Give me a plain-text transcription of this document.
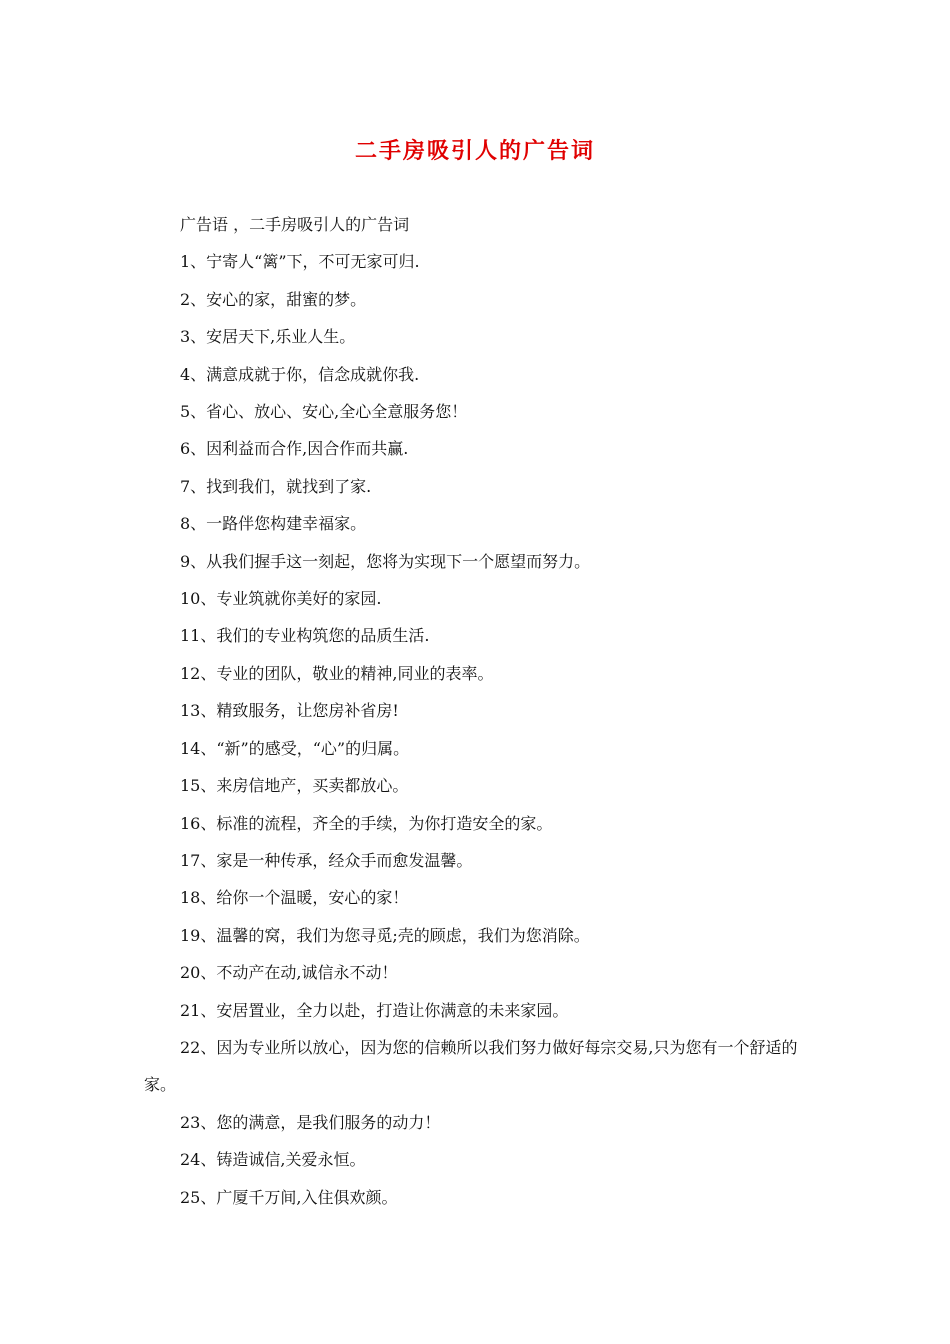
二手房吸引人的广告词

广告语 ，二手房吸引人的广告词

1、宁寄人“篱”下，不可无家可归.

2、安心的家，甜蜜的梦。

3、安居天下,乐业人生。

4、满意成就于你，信念成就你我.

5、省心、放心、安心,全心全意服务您！

6、因利益而合作,因合作而共赢.

7、找到我们，就找到了家.

8、一路伴您构建幸福家。

9、从我们握手这一刻起，您将为实现下一个愿望而努力。

10、专业筑就你美好的家园.

11、我们的专业构筑您的品质生活.

12、专业的团队，敬业的精神,同业的表率。

13、精致服务，让您房补省房!

14、“新”的感受，“心”的归属。

15、来房信地产，买卖都放心。

16、标准的流程，齐全的手续，为你打造安全的家。

17、家是一种传承，经众手而愈发温馨。

18、给你一个温暖，安心的家！

19、温馨的窝，我们为您寻觅;壳的顾虑，我们为您消除。

20、不动产在动,诚信永不动！

21、安居置业，全力以赴，打造让你满意的未来家园。

22、因为专业所以放心，因为您的信赖所以我们努力做好每宗交易,只为您有一个舒适的家。

23、您的满意，是我们服务的动力！

24、铸造诚信,关爱永恒。

25、广厦千万间,入住俱欢颜。
